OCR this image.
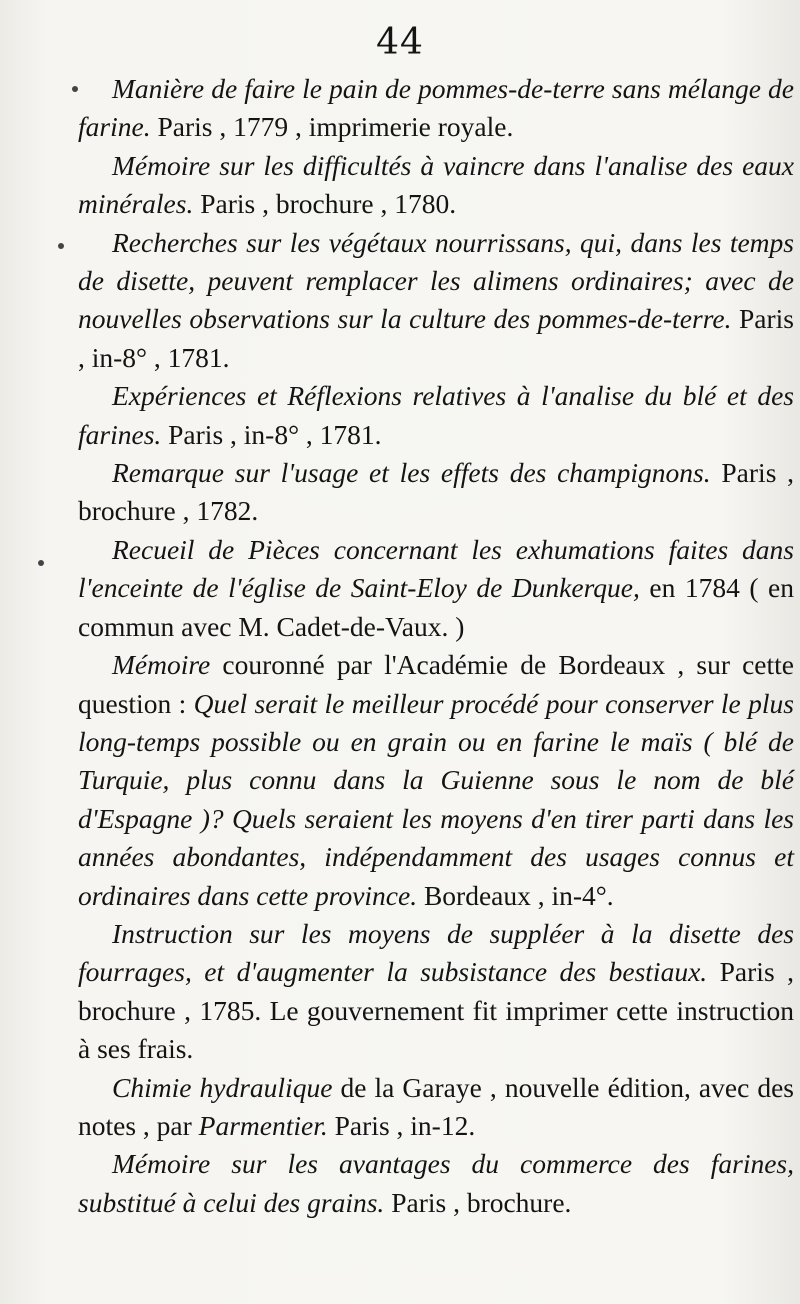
44

Manière de faire le pain de pommes-de-terre sans mélange de farine. Paris , 1779 , imprimerie royale.

Mémoire sur les difficultés à vaincre dans l'analise des eaux minérales. Paris , brochure , 1780.

Recherches sur les végétaux nourrissans, qui, dans les temps de disette, peuvent remplacer les alimens ordinaires; avec de nouvelles observations sur la culture des pommes-de-terre. Paris , in-8° , 1781.

Expériences et Réflexions relatives à l'analise du blé et des farines. Paris , in-8° , 1781.

Remarque sur l'usage et les effets des champignons. Paris , brochure , 1782.

Recueil de Pièces concernant les exhumations faites dans l'enceinte de l'église de Saint-Eloy de Dunkerque, en 1784 ( en commun avec M. Cadet-de-Vaux. )

Mémoire couronné par l'Académie de Bordeaux , sur cette question : Quel serait le meilleur procédé pour conserver le plus long-temps possible ou en grain ou en farine le maïs ( blé de Turquie, plus connu dans la Guienne sous le nom de blé d'Espagne )? Quels seraient les moyens d'en tirer parti dans les années abondantes, indépendamment des usages connus et ordinaires dans cette province. Bordeaux , in-4°.

Instruction sur les moyens de suppléer à la disette des fourrages, et d'augmenter la subsistance des bestiaux. Paris , brochure , 1785. Le gouvernement fit imprimer cette instruction à ses frais.

Chimie hydraulique de la Garaye , nouvelle édition, avec des notes , par Parmentier. Paris , in-12.

Mémoire sur les avantages du commerce des farines, substitué à celui des grains. Paris , brochure.
